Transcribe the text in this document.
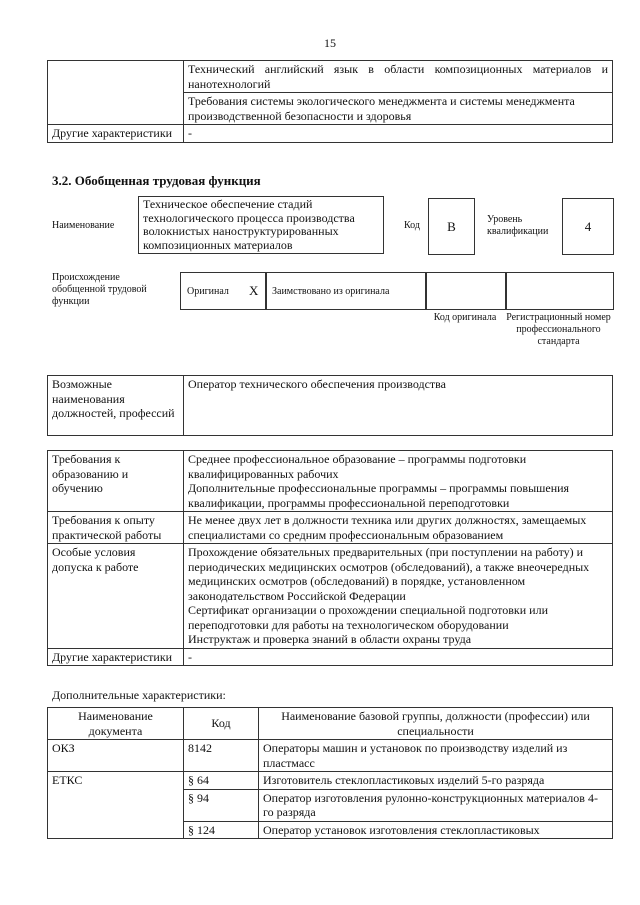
15
	Технический английский язык в области композиционных материалов и нанотехнологий
	Требования системы экологического менеджмента и системы менеджмента производственной безопасности и здоровья
Другие характеристики	-
3.2. Обобщенная трудовая функция
Наименование
Техническое обеспечение стадий технологического процесса производства волокнистых наноструктурированных композиционных материалов
Код	B	Уровень квалификации	4
Происхождение обобщенной трудовой функции
Оригинал X Заимствовано из оригинала
Код оригинала Регистрационный номер профессионального стандарта
Возможные наименования должностей, профессий	Оператор технического обеспечения производства
Требования к образованию и обучению	Среднее профессиональное образование – программы подготовки квалифицированных рабочих

Дополнительные профессиональные программы – программы повышения квалификации, программы профессиональной переподготовки

Требования к опыту практической работы	Не менее двух лет в должности техника или других должностях, замещаемых специалистами со средним профессиональным образованием
Особые условия допуска к работе	Прохождение обязательных предварительных (при поступлении на работу) и периодических медицинских осмотров (обследований), а также внеочередных медицинских осмотров (обследований) в порядке, установленном законодательством Российской Федерации

Сертификат организации о прохождении специальной подготовки или переподготовки для работы на технологическом оборудовании

Инструктаж и проверка знаний в области охраны труда

Другие характеристики	-
Дополнительные характеристики:
Наименование документа	Код	Наименование базовой группы, должности (профессии) или специальности
ОКЗ	8142	Операторы машин и установок по производству изделий из пластмасс
ЕТКС	§ 64	Изготовитель стеклопластиковых изделий 5-го разряда
	§ 94	Оператор изготовления рулонно-конструкционных материалов 4-го разряда
	§ 124	Оператор установок изготовления стеклопластиковых
